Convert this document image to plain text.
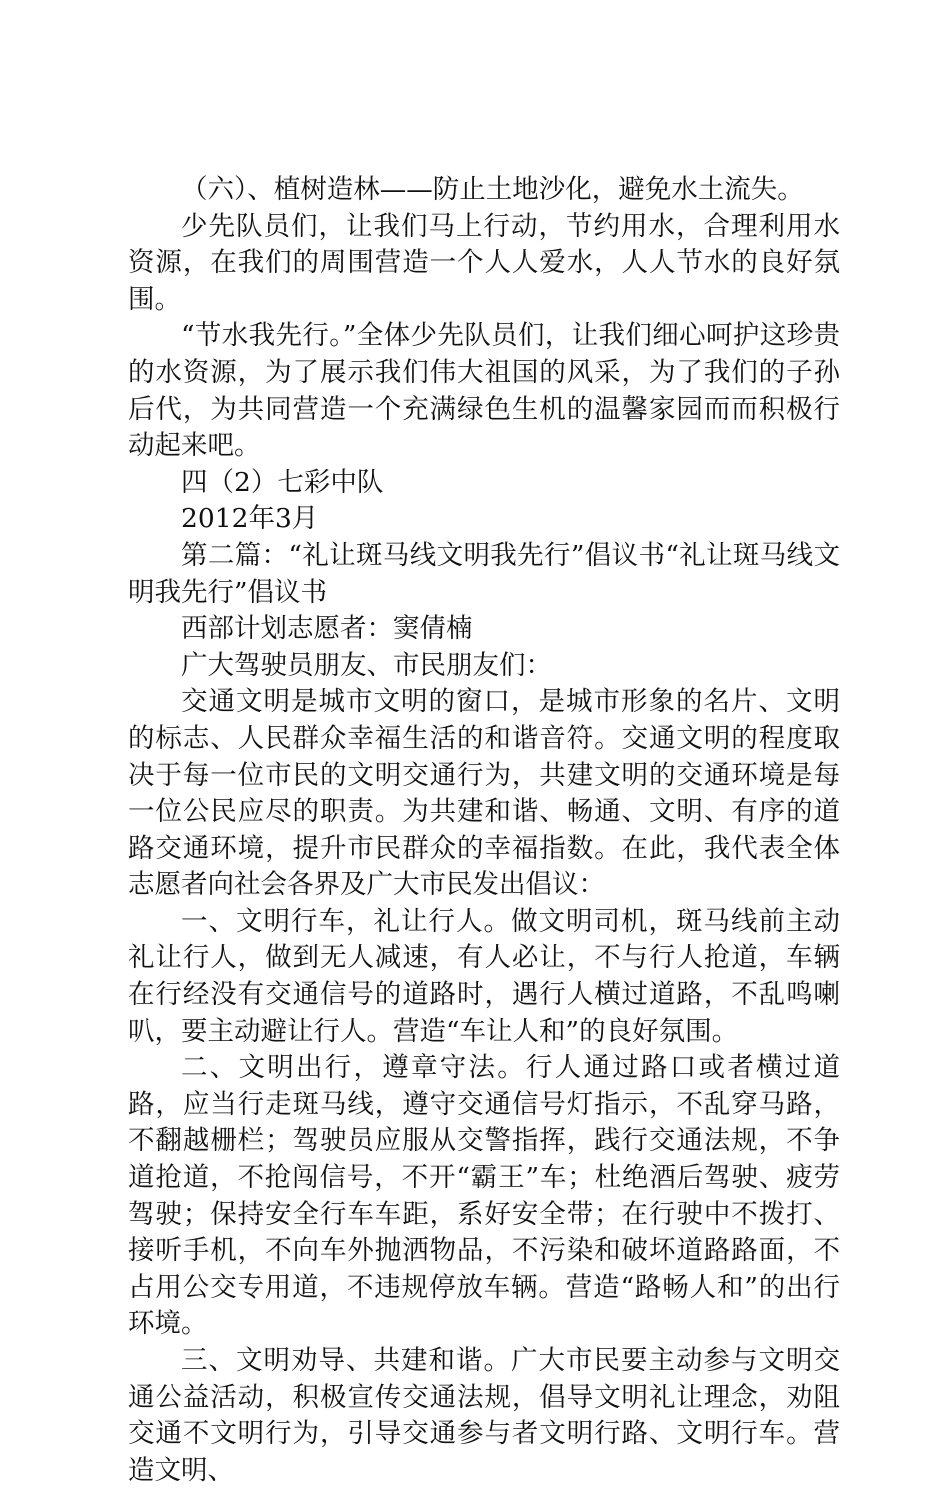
（六）、植树造林——防止土地沙化，避免水土流失。

少先队员们，让我们马上行动，节约用水，合理利用水资源，在我们的周围营造一个人人爱水，人人节水的良好氛围。

“节水我先行。”全体少先队员们，让我们细心呵护这珍贵的水资源，为了展示我们伟大祖国的风采，为了我们的子孙后代，为共同营造一个充满绿色生机的温馨家园而而积极行动起来吧。

四（2）七彩中队

2012年3月

第二篇：“礼让斑马线文明我先行”倡议书“礼让斑马线文明我先行”倡议书

西部计划志愿者：窦倩楠

广大驾驶员朋友、市民朋友们：

交通文明是城市文明的窗口，是城市形象的名片、文明的标志、人民群众幸福生活的和谐音符。交通文明的程度取决于每一位市民的文明交通行为，共建文明的交通环境是每一位公民应尽的职责。为共建和谐、畅通、文明、有序的道路交通环境，提升市民群众的幸福指数。在此，我代表全体志愿者向社会各界及广大市民发出倡议：

一、文明行车，礼让行人。做文明司机，斑马线前主动礼让行人，做到无人减速，有人必让，不与行人抢道，车辆在行经没有交通信号的道路时，遇行人横过道路，不乱鸣喇叭，要主动避让行人。营造“车让人和”的良好氛围。

二、文明出行，遵章守法。行人通过路口或者横过道路，应当行走斑马线，遵守交通信号灯指示，不乱穿马路，不翻越栅栏；驾驶员应服从交警指挥，践行交通法规，不争道抢道，不抢闯信号，不开“霸王”车；杜绝酒后驾驶、疲劳驾驶；保持安全行车车距，系好安全带；在行驶中不拨打、接听手机，不向车外抛洒物品，不污染和破坏道路路面，不占用公交专用道，不违规停放车辆。营造“路畅人和”的出行环境。

三、文明劝导、共建和谐。广大市民要主动参与文明交通公益活动，积极宣传交通法规，倡导文明礼让理念，劝阻交通不文明行为，引导交通参与者文明行路、文明行车。营造文明、
